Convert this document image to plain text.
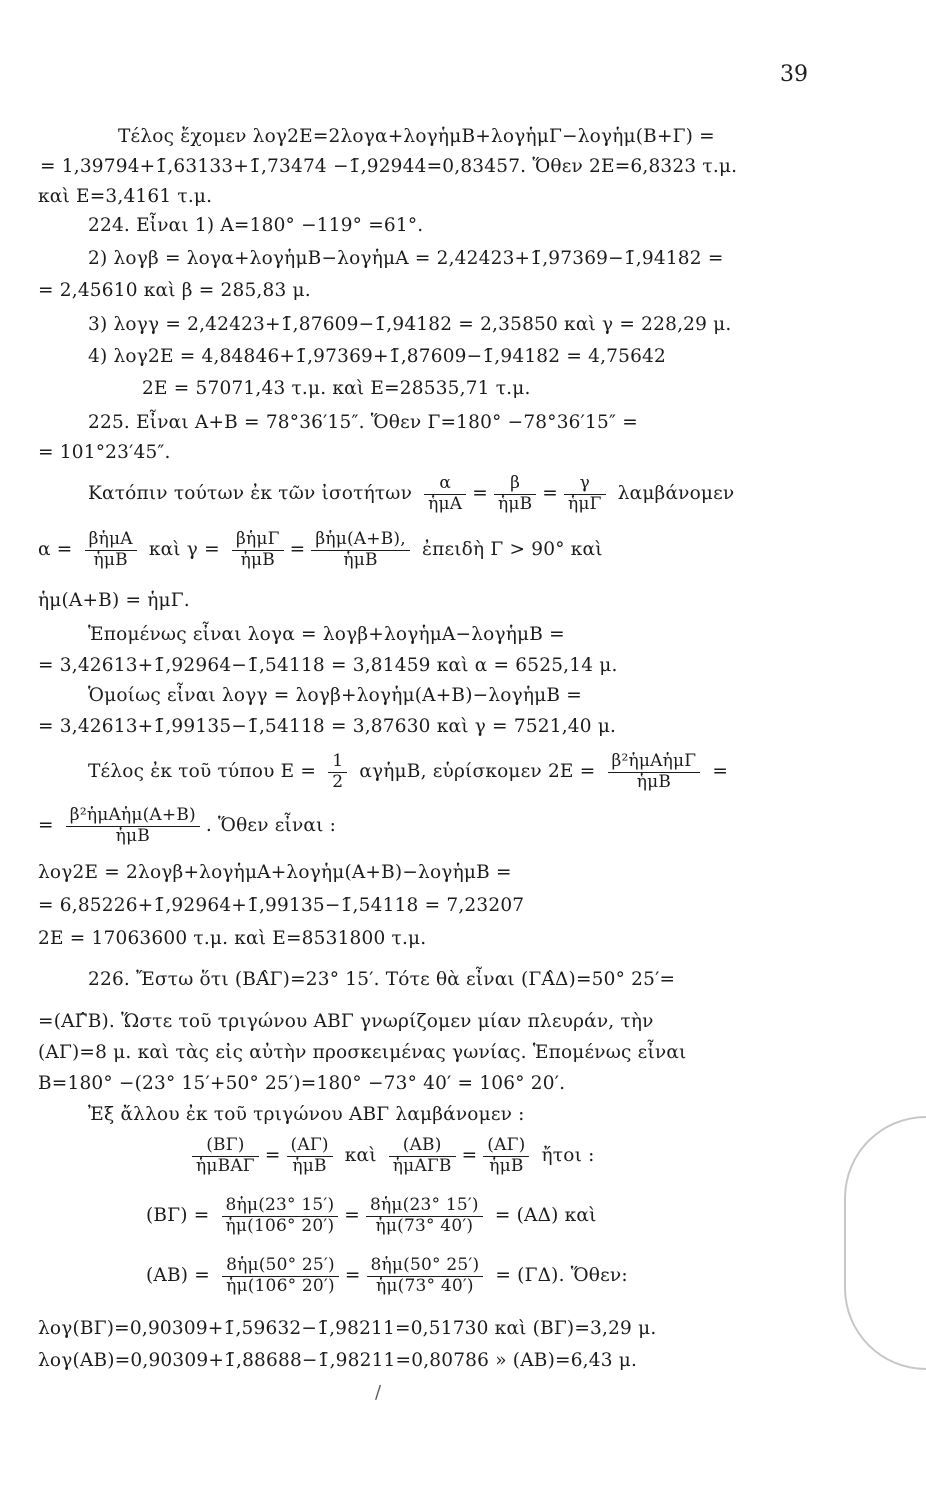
39
Τέλος ἔχομεν λογ2Ε=2λογα+λογἡμΒ+λογἡμΓ−λογἡμ(Β+Γ) =
= 1,39794+1̄,63133+1̄,73474 −1̄,92944=0,83457. Ὅθεν 2Ε=6,8323 τ.μ.
καὶ Ε=3,4161 τ.μ.
224. Εἶναι 1) Α=180° −119° =61°.
2) λογβ = λογα+λογἡμΒ−λογἡμΑ = 2,42423+1̄,97369−1̄,94182 =
= 2,45610 καὶ β = 285,83 μ.
3) λογγ = 2,42423+1̄,87609−1̄,94182 = 2,35850 καὶ γ = 228,29 μ.
4) λογ2Ε = 4,84846+1̄,97369+1̄,87609−1̄,94182 = 4,75642
2Ε = 57071,43 τ.μ. καὶ Ε=28535,71 τ.μ.
225. Εἶναι Α+Β = 78°36′15″. Ὅθεν Γ=180° −78°36′15″ =
= 101°23′45″.
Κατόπιν τούτων ἐκ τῶν ἰσοτήτων $\frac{\alpha}{\text{ἡμΑ}} = \frac{\beta}{\text{ἡμΒ}} = \frac{\gamma}{\text{ἡμΓ}}$ λαμβάνομεν
$\alpha = \frac{\text{βἡμΑ}}{\text{ἡμΒ}}$ καὶ $\gamma = \frac{\text{βἡμΓ}}{\text{ἡμΒ}} = \frac{\text{βἡμ(Α+Β),}}{\text{ἡμΒ}}$ ἐπειδὴ Γ > 90° καὶ
ἡμ(Α+Β) = ἡμΓ.
Ἑπομένως εἶναι λογα = λογβ+λογἡμΑ−λογἡμΒ =
= 3,42613+1̄,92964−1̄,54118 = 3,81459 καὶ α = 6525,14 μ.
Ὁμοίως εἶναι λογγ = λογβ+λογἡμ(Α+Β)−λογἡμΒ =
= 3,42613+1̄,99135−1̄,54118 = 3,87630 καὶ γ = 7521,40 μ.
Τέλος ἐκ τοῦ τύπου $E = \frac{1}{2}$ αγἡμΒ, εὑρίσκομεν $2E = \frac{\text{β²ἡμΑἡμΓ}}{\text{ἡμΒ}}$ =
= $\frac{\text{β²ἡμΑἡμ(Α+Β)}}{\text{ἡμΒ}}$ . Ὅθεν εἶναι :
λογ2Ε = 2λογβ+λογἡμΑ+λογἡμ(Α+Β)−λογἡμΒ =
= 6,85226+1̄,92964+1̄,99135−1̄,54118 = 7,23207
2Ε = 17063600 τ.μ. καὶ Ε=8531800 τ.μ.
226. Ἔστω ὅτι (ΒΑ̂Γ)=23° 15′. Τότε θὰ εἶναι (ΓΑ̂Δ)=50° 25′=
=(ΑΓ̂Β). Ὥστε τοῦ τριγώνου ΑΒΓ γνωρίζομεν μίαν πλευράν, τὴν
(ΑΓ)=8 μ. καὶ τὰς εἰς αὐτὴν προσκειμένας γωνίας. Ἑπομένως εἶναι
Β=180° −(23° 15′+50° 25′)=180° −73° 40′ = 106° 20′.
Ἐξ ἄλλου ἐκ τοῦ τριγώνου ΑΒΓ λαμβάνομεν :
$\frac{(B\Gamma)}{\text{ἡμΒΑΓ}} = \frac{(A\Gamma)}{\text{ἡμΒ}}$ καὶ $\frac{(AB)}{\text{ἡμΑΓΒ}} = \frac{(A\Gamma)}{\text{ἡμΒ}}$ ἤτοι :
$(B\Gamma) = \frac{\text{8ἡμ(23° 15′)}}{\text{ἡμ(106° 20′)}} = \frac{\text{8ἡμ(23° 15′)}}{\text{ἡμ(73° 40′)}} = (A\Delta)$ καὶ
$(AB) = \frac{\text{8ἡμ(50° 25′)}}{\text{ἡμ(106° 20′)}} = \frac{\text{8ἡμ(50° 25′)}}{\text{ἡμ(73° 40′)}} = (\Gamma\Delta)$. Ὅθεν:
λογ(ΒΓ)=0,90309+1̄,59632−1̄,98211=0,51730 καὶ (ΒΓ)=3,29 μ.
λογ(ΑΒ)=0,90309+1̄,88688−1̄,98211=0,80786 » (ΑΒ)=6,43 μ.
/
